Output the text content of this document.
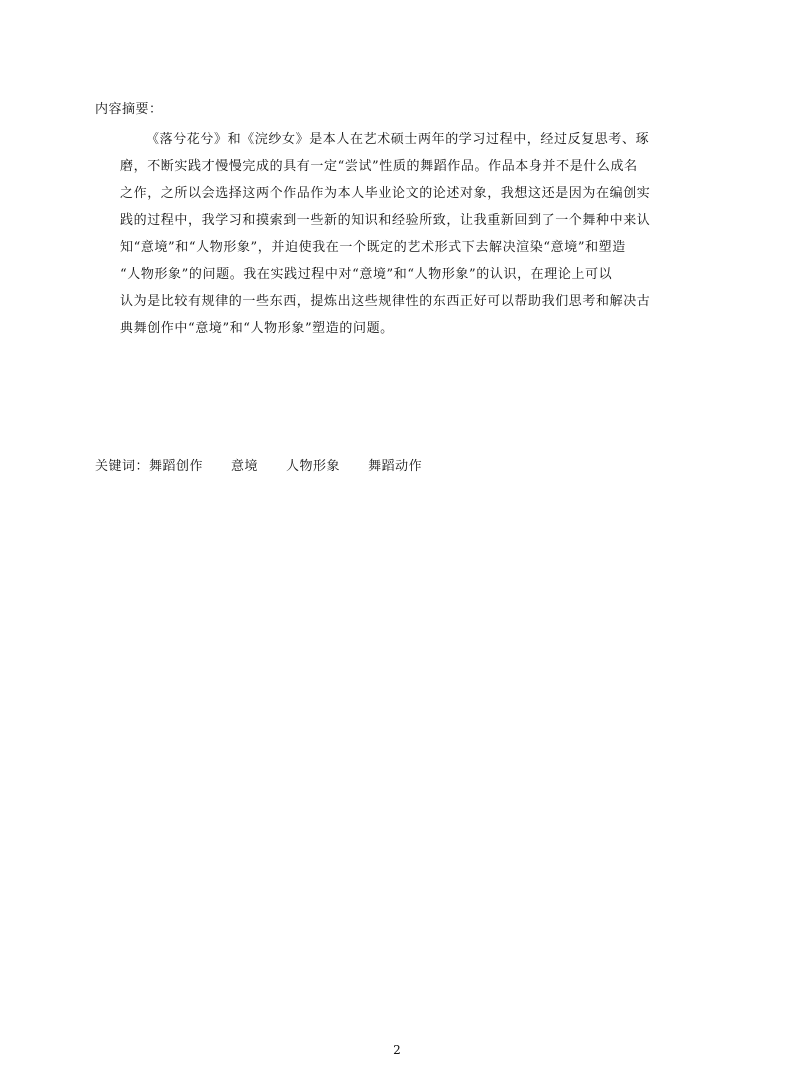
内容摘要：
《落兮花兮》和《浣纱女》是本人在艺术硕士两年的学习过程中，经过反复思考、琢
磨，不断实践才慢慢完成的具有一定“尝试”性质的舞蹈作品。作品本身并不是什么成名
之作，之所以会选择这两个作品作为本人毕业论文的论述对象，我想这还是因为在编创实
践的过程中，我学习和摸索到一些新的知识和经验所致，让我重新回到了一个舞种中来认
知“意境”和“人物形象”，并迫使我在一个既定的艺术形式下去解决渲染“意境”和塑造
“人物形象”的问题。我在实践过程中对“意境”和“人物形象”的认识，在理论上可以
认为是比较有规律的一些东西，提炼出这些规律性的东西正好可以帮助我们思考和解决古
典舞创作中“意境”和“人物形象”塑造的问题。
关键词：舞蹈创作 意境 人物形象 舞蹈动作
2
